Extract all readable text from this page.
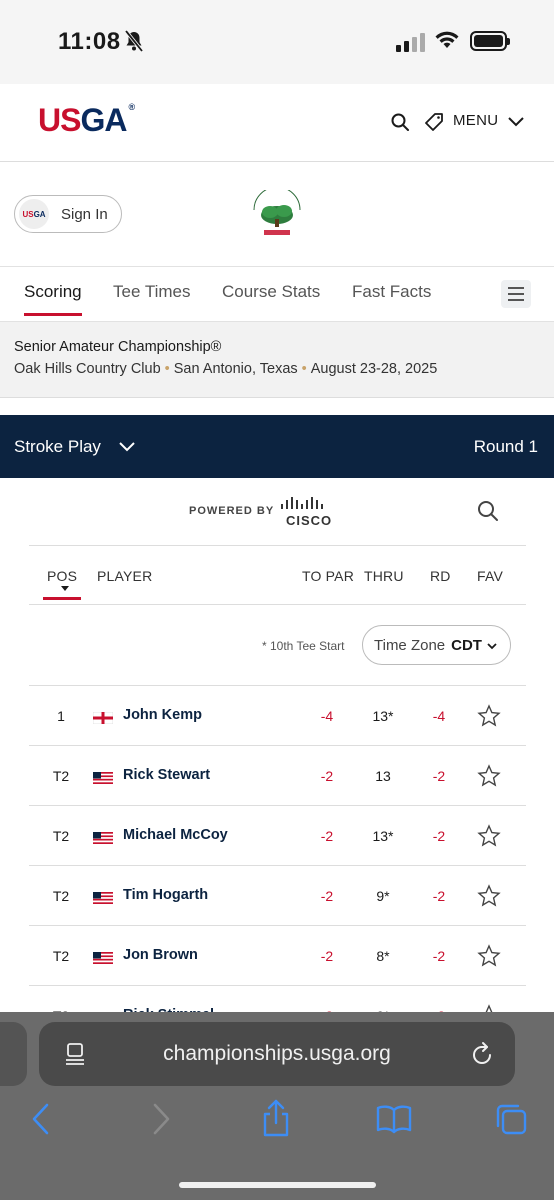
11:08
USGA ®
MENU
US GA Sign In
Scoring Tee Times Course Stats Fast Facts
Senior Amateur Championship®
Oak Hills Country Club • San Antonio, Texas • August 23-28, 2025
Stroke Play	Round 1
POWERED BY
CISCO
POS PLAYER	TO PAR THRU RD FAV
* 10th Tee Start Time Zone CDT
1	John Kemp	-4	13*	-4
T2	Rick Stewart	-2	13	-2
T2	Michael McCoy	-2	13*	-2
T2	Tim Hogarth	-2	9*	-2
T2	Jon Brown	-2	8*	-2
championships.usga.org
